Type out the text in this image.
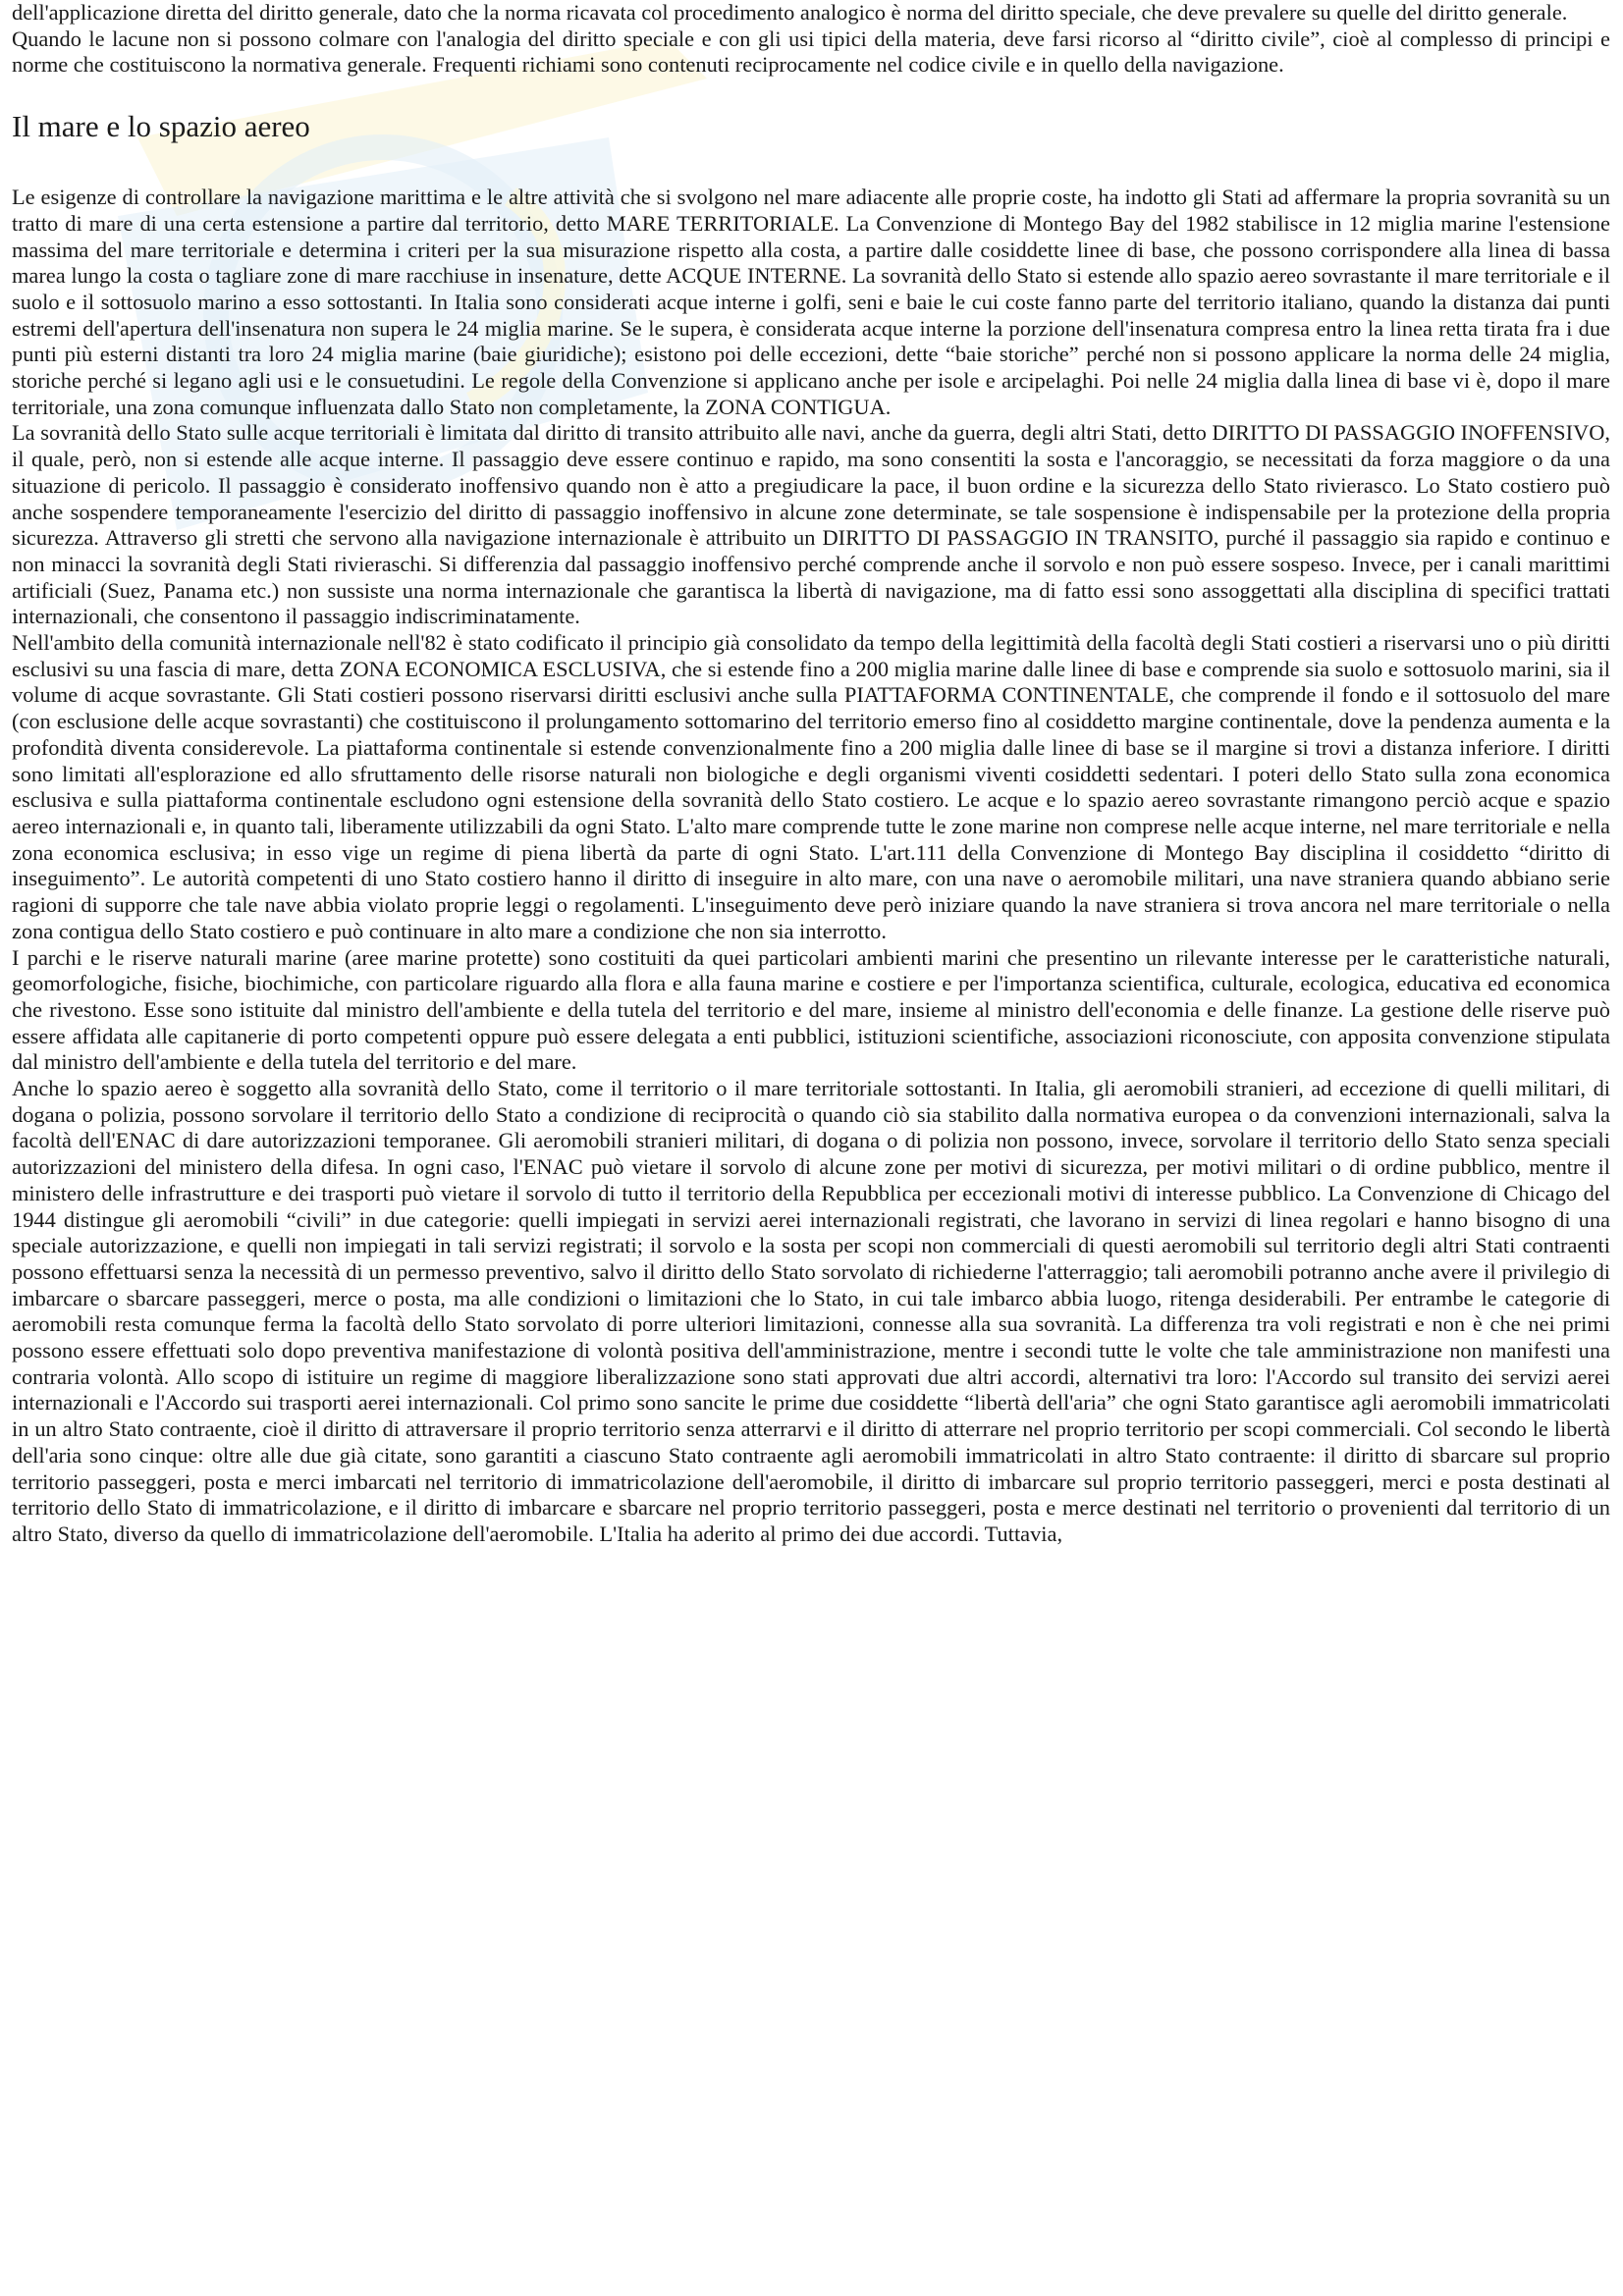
dell'applicazione diretta del diritto generale, dato che la norma ricavata col procedimento analogico è norma del diritto speciale, che deve prevalere su quelle del diritto generale.

Quando le lacune non si possono colmare con l'analogia del diritto speciale e con gli usi tipici della materia, deve farsi ricorso al “diritto civile”, cioè al complesso di principi e norme che costituiscono la normativa generale. Frequenti richiami sono contenuti reciprocamente nel codice civile e in quello della navigazione.

Il mare e lo spazio aereo

Le esigenze di controllare la navigazione marittima e le altre attività che si svolgono nel mare adiacente alle proprie coste, ha indotto gli Stati ad affermare la propria sovranità su un tratto di mare di una certa estensione a partire dal territorio, detto MARE TERRITORIALE. La Convenzione di Montego Bay del 1982 stabilisce in 12 miglia marine l'estensione massima del mare territoriale e determina i criteri per la sua misurazione rispetto alla costa, a partire dalle cosiddette linee di base, che possono corrispondere alla linea di bassa marea lungo la costa o tagliare zone di mare racchiuse in insenature, dette ACQUE INTERNE. La sovranità dello Stato si estende allo spazio aereo sovrastante il mare territoriale e il suolo e il sottosuolo marino a esso sottostanti. In Italia sono considerati acque interne i golfi, seni e baie le cui coste fanno parte del territorio italiano, quando la distanza dai punti estremi dell'apertura dell'insenatura non supera le 24 miglia marine. Se le supera, è considerata acque interne la porzione dell'insenatura compresa entro la linea retta tirata fra i due punti più esterni distanti tra loro 24 miglia marine (baie giuridiche); esistono poi delle eccezioni, dette “baie storiche” perché non si possono applicare la norma delle 24 miglia, storiche perché si legano agli usi e le consuetudini. Le regole della Convenzione si applicano anche per isole e arcipelaghi. Poi nelle 24 miglia dalla linea di base vi è, dopo il mare territoriale, una zona comunque influenzata dallo Stato non completamente, la ZONA CONTIGUA.

La sovranità dello Stato sulle acque territoriali è limitata dal diritto di transito attribuito alle navi, anche da guerra, degli altri Stati, detto DIRITTO DI PASSAGGIO INOFFENSIVO, il quale, però, non si estende alle acque interne. Il passaggio deve essere continuo e rapido, ma sono consentiti la sosta e l'ancoraggio, se necessitati da forza maggiore o da una situazione di pericolo. Il passaggio è considerato inoffensivo quando non è atto a pregiudicare la pace, il buon ordine e la sicurezza dello Stato rivierasco. Lo Stato costiero può anche sospendere temporaneamente l'esercizio del diritto di passaggio inoffensivo in alcune zone determinate, se tale sospensione è indispensabile per la protezione della propria sicurezza. Attraverso gli stretti che servono alla navigazione internazionale è attribuito un DIRITTO DI PASSAGGIO IN TRANSITO, purché il passaggio sia rapido e continuo e non minacci la sovranità degli Stati rivieraschi. Si differenzia dal passaggio inoffensivo perché comprende anche il sorvolo e non può essere sospeso. Invece, per i canali marittimi artificiali (Suez, Panama etc.) non sussiste una norma internazionale che garantisca la libertà di navigazione, ma di fatto essi sono assoggettati alla disciplina di specifici trattati internazionali, che consentono il passaggio indiscriminatamente.

Nell'ambito della comunità internazionale nell'82 è stato codificato il principio già consolidato da tempo della legittimità della facoltà degli Stati costieri a riservarsi uno o più diritti esclusivi su una fascia di mare, detta ZONA ECONOMICA ESCLUSIVA, che si estende fino a 200 miglia marine dalle linee di base e comprende sia suolo e sottosuolo marini, sia il volume di acque sovrastante. Gli Stati costieri possono riservarsi diritti esclusivi anche sulla PIATTAFORMA CONTINENTALE, che comprende il fondo e il sottosuolo del mare (con esclusione delle acque sovrastanti) che costituiscono il prolungamento sottomarino del territorio emerso fino al cosiddetto margine continentale, dove la pendenza aumenta e la profondità diventa considerevole. La piattaforma continentale si estende convenzionalmente fino a 200 miglia dalle linee di base se il margine si trovi a distanza inferiore. I diritti sono limitati all'esplorazione ed allo sfruttamento delle risorse naturali non biologiche e degli organismi viventi cosiddetti sedentari. I poteri dello Stato sulla zona economica esclusiva e sulla piattaforma continentale escludono ogni estensione della sovranità dello Stato costiero. Le acque e lo spazio aereo sovrastante rimangono perciò acque e spazio aereo internazionali e, in quanto tali, liberamente utilizzabili da ogni Stato. L'alto mare comprende tutte le zone marine non comprese nelle acque interne, nel mare territoriale e nella zona economica esclusiva; in esso vige un regime di piena libertà da parte di ogni Stato. L'art.111 della Convenzione di Montego Bay disciplina il cosiddetto “diritto di inseguimento”. Le autorità competenti di uno Stato costiero hanno il diritto di inseguire in alto mare, con una nave o aeromobile militari, una nave straniera quando abbiano serie ragioni di supporre che tale nave abbia violato proprie leggi o regolamenti. L'inseguimento deve però iniziare quando la nave straniera si trova ancora nel mare territoriale o nella zona contigua dello Stato costiero e può continuare in alto mare a condizione che non sia interrotto.

I parchi e le riserve naturali marine (aree marine protette) sono costituiti da quei particolari ambienti marini che presentino un rilevante interesse per le caratteristiche naturali, geomorfologiche, fisiche, biochimiche, con particolare riguardo alla flora e alla fauna marine e costiere e per l'importanza scientifica, culturale, ecologica, educativa ed economica che rivestono. Esse sono istituite dal ministro dell'ambiente e della tutela del territorio e del mare, insieme al ministro dell'economia e delle finanze. La gestione delle riserve può essere affidata alle capitanerie di porto competenti oppure può essere delegata a enti pubblici, istituzioni scientifiche, associazioni riconosciute, con apposita convenzione stipulata dal ministro dell'ambiente e della tutela del territorio e del mare.

Anche lo spazio aereo è soggetto alla sovranità dello Stato, come il territorio o il mare territoriale sottostanti. In Italia, gli aeromobili stranieri, ad eccezione di quelli militari, di dogana o polizia, possono sorvolare il territorio dello Stato a condizione di reciprocità o quando ciò sia stabilito dalla normativa europea o da convenzioni internazionali, salva la facoltà dell'ENAC di dare autorizzazioni temporanee. Gli aeromobili stranieri militari, di dogana o di polizia non possono, invece, sorvolare il territorio dello Stato senza speciali autorizzazioni del ministero della difesa. In ogni caso, l'ENAC può vietare il sorvolo di alcune zone per motivi di sicurezza, per motivi militari o di ordine pubblico, mentre il ministero delle infrastrutture e dei trasporti può vietare il sorvolo di tutto il territorio della Repubblica per eccezionali motivi di interesse pubblico. La Convenzione di Chicago del 1944 distingue gli aeromobili “civili” in due categorie: quelli impiegati in servizi aerei internazionali registrati, che lavorano in servizi di linea regolari e hanno bisogno di una speciale autorizzazione, e quelli non impiegati in tali servizi registrati; il sorvolo e la sosta per scopi non commerciali di questi aeromobili sul territorio degli altri Stati contraenti possono effettuarsi senza la necessità di un permesso preventivo, salvo il diritto dello Stato sorvolato di richiederne l'atterraggio; tali aeromobili potranno anche avere il privilegio di imbarcare o sbarcare passeggeri, merce o posta, ma alle condizioni o limitazioni che lo Stato, in cui tale imbarco abbia luogo, ritenga desiderabili. Per entrambe le categorie di aeromobili resta comunque ferma la facoltà dello Stato sorvolato di porre ulteriori limitazioni, connesse alla sua sovranità. La differenza tra voli registrati e non è che nei primi possono essere effettuati solo dopo preventiva manifestazione di volontà positiva dell'amministrazione, mentre i secondi tutte le volte che tale amministrazione non manifesti una contraria volontà. Allo scopo di istituire un regime di maggiore liberalizzazione sono stati approvati due altri accordi, alternativi tra loro: l'Accordo sul transito dei servizi aerei internazionali e l'Accordo sui trasporti aerei internazionali. Col primo sono sancite le prime due cosiddette “libertà dell'aria” che ogni Stato garantisce agli aeromobili immatricolati in un altro Stato contraente, cioè il diritto di attraversare il proprio territorio senza atterrarvi e il diritto di atterrare nel proprio territorio per scopi commerciali. Col secondo le libertà dell'aria sono cinque: oltre alle due già citate, sono garantiti a ciascuno Stato contraente agli aeromobili immatricolati in altro Stato contraente: il diritto di sbarcare sul proprio territorio passeggeri, posta e merci imbarcati nel territorio di immatricolazione dell'aeromobile, il diritto di imbarcare sul proprio territorio passeggeri, merci e posta destinati al territorio dello Stato di immatricolazione, e il diritto di imbarcare e sbarcare nel proprio territorio passeggeri, posta e merce destinati nel territorio o provenienti dal territorio di un altro Stato, diverso da quello di immatricolazione dell'aeromobile. L'Italia ha aderito al primo dei due accordi. Tuttavia,
